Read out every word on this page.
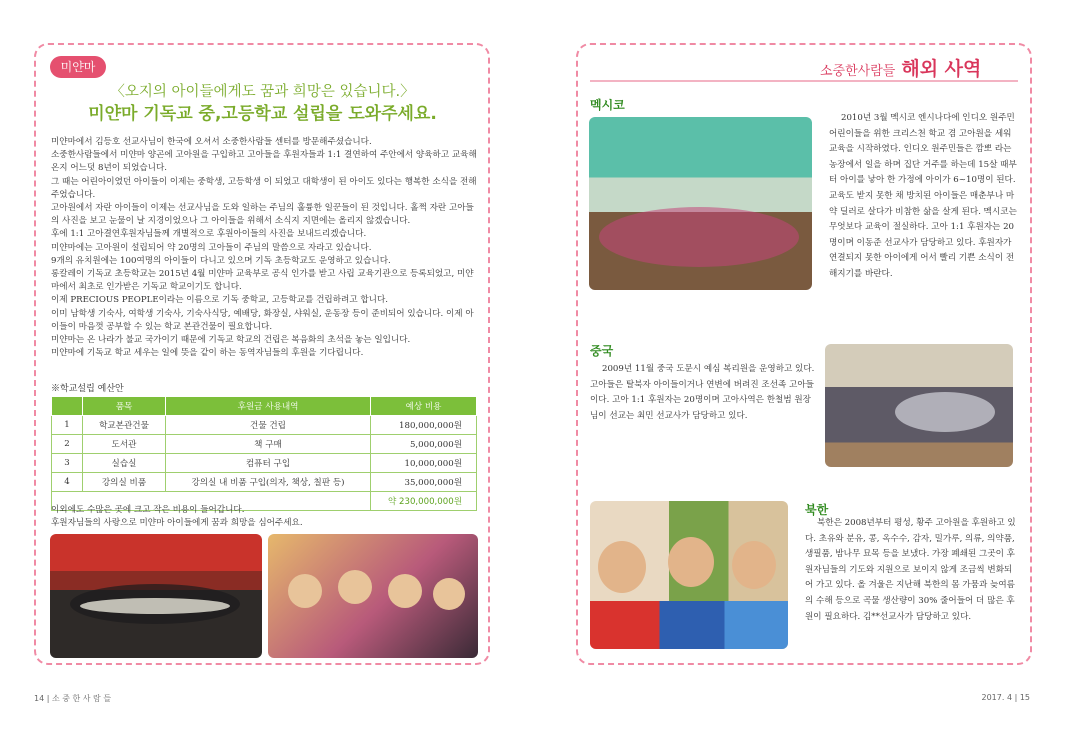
미얀마
〈오지의 아이들에게도 꿈과 희망은 있습니다.〉
미얀마 기독교 중,고등학교 설립을 도와주세요.

미얀마에서 김등호 선교사님이 한국에 오셔서 소중한사람들 센터를 방문해주셨습니다.

소중한사람들에서 미얀마 양곤에 고아원을 구입하고 고아들을 후원자들과 1:1 결연하여 주안에서 양육하고 교육해온지 어느덧 8년이 되었습니다.

그 때는 어린아이였던 아이들이 이제는 중학생, 고등학생 이 되었고 대학생이 된 아이도 있다는 행복한 소식을 전해 주었습니다.

고아원에서 자란 아이들이 이제는 선교사님을 도와 일하는 주님의 훌륭한 일꾼들이 된 것입니다. 홀쩍 자란 고아들의 사진을 보고 눈물이 날 지경이었으나 그 아이들을 위해서 소식지 지면에는 올리지 않겠습니다.

후에 1:1 고아결연후원자님들께 개별적으로 후원아이들의 사진을 보내드리겠습니다.

미얀마에는 고아원이 설립되어 약 20명의 고아들이 주님의 말씀으로 자라고 있습니다.

9개의 유치원에는 100여명의 아이들이 다니고 있으며 기독 초등학교도 운영하고 있습니다.

롱칼레이 기독교 초등학교는 2015년 4월 미얀마 교육부로 공식 인가를 받고 사립 교육기관으로 등록되었고, 미얀마에서 최초로 인가받은 기독교 학교이기도 합니다.

이제 PRECIOUS PEOPLE이라는 이름으로 기독 중학교, 고등학교를 건립하려고 합니다.

이미 남학생 기숙사, 여학생 기숙사, 기숙사식당, 예배당, 화장실, 샤워실, 운동장 등이 준비되어 있습니다. 이제 아이들이 마음껏 공부할 수 있는 학교 본관건물이 필요합니다.

미얀마는 온 나라가 불교 국가이기 때문에 기독교 학교의 건립은 복음화의 초석을 놓는 일입니다.

미얀마에 기독교 학교 세우는 일에 뜻을 같이 하는 동역자님들의 후원을 기다립니다.

※학교설립 예산안
	품목	후원금 사용내역	예상 비용
1	학교본관건물	건물 건립	180,000,000원
2	도서관	책 구매	5,000,000원
3	실습실	컴퓨터 구입	10,000,000원
4	강의실 비품	강의실 내 비품 구입(의자, 책상, 칠판 등)	35,000,000원
			약 230,000,000원

이외에도 수많은 곳에 크고 작은 비용이 들어갑니다.

후원자님들의 사랑으로 미얀마 아이들에게 꿈과 희망을 심어주세요.

소중한사람들 해외 사역
멕시코
2010년 3월 멕시코 엔시나다에 인디오 원주민 어린이들을 위한 크리스천 학교 겸 고아원을 세워 교육을 시작하였다. 인디오 원주민들은 깜뽀 라는 농장에서 일을 하며 집단 거주를 하는데 15살 때부터 아이를 낳아 한 가정에 아이가 6~10명이 된다. 교육도 받지 못한 채 방치된 아이들은 매춘부나 마약 딜러로 살다가 비참한 삶을 살게 된다. 멕시코는 무엇보다 교육이 절실하다. 고아 1:1 후원자는 20명이며 이동준 선교사가 담당하고 있다. 후원자가 연결되지 못한 아이에게 어서 빨리 기쁜 소식이 전해지기를 바란다.
중국
2009년 11월 중국 도문시 예심 복리원을 운영하고 있다. 고아들은 탈북자 아이들이거나 연변에 버려진 조선족 고아들이다. 고아 1:1 후원자는 20명이며 고아사역은 한철범 원장님이 선교는 최민 선교사가 담당하고 있다.
북한
북한은 2008년부터 평성, 황주 고아원을 후원하고 있다. 초유와 분유, 콩, 옥수수, 감자, 밀가루, 의류, 의약품, 생필품, 밤나무 묘목 등을 보냈다. 가장 폐쇄된 그곳이 후원자님들의 기도와 지원으로 보이지 않게 조금씩 변화되어 가고 있다. 올 겨울은 지난해 북한의 몸 가뭄과 늦여름의 수해 등으로 곡물 생산량이 30% 줄어들어 더 많은 후원이 필요하다. 김**선교사가 담당하고 있다.
14 | 소 중 한 사 람 들	2017. 4 | 15
